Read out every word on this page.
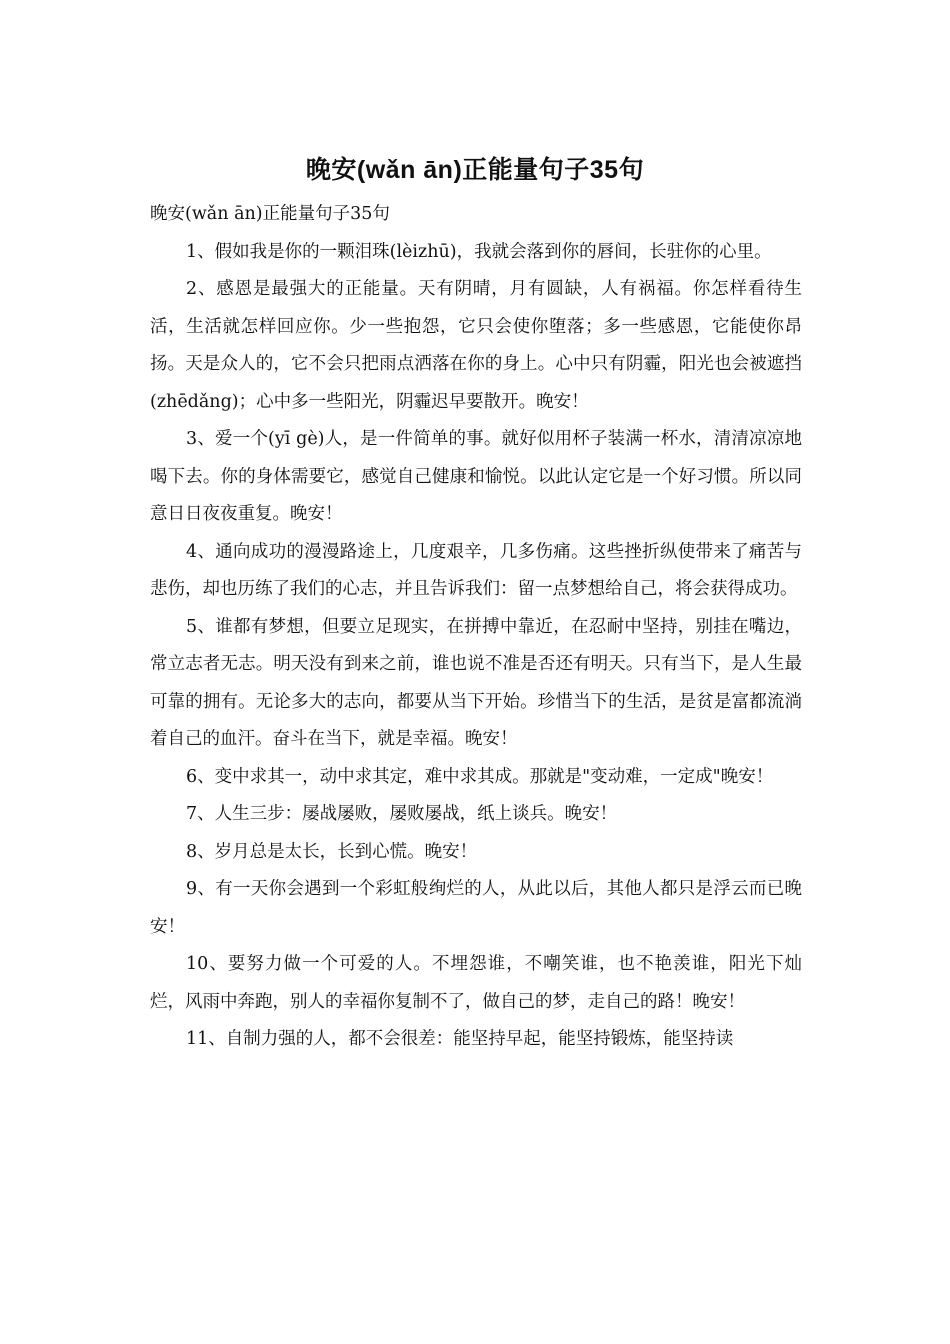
晚安(wǎn ān)正能量句子35句

晚安(wǎn ān)正能量句子35句

1、假如我是你的一颗泪珠(lèizhū)，我就会落到你的唇间，长驻你的心里。

2、感恩是最强大的正能量。天有阴晴，月有圆缺，人有祸福。你怎样看待生活，生活就怎样回应你。少一些抱怨，它只会使你堕落；多一些感恩，它能使你昂扬。天是众人的，它不会只把雨点洒落在你的身上。心中只有阴霾，阳光也会被遮挡(zhēdǎng)；心中多一些阳光，阴霾迟早要散开。晚安！

3、爱一个(yī gè)人，是一件简单的事。就好似用杯子装满一杯水，清清凉凉地喝下去。你的身体需要它，感觉自己健康和愉悦。以此认定它是一个好习惯。所以同意日日夜夜重复。晚安！

4、通向成功的漫漫路途上，几度艰辛，几多伤痛。这些挫折纵使带来了痛苦与悲伤，却也历练了我们的心志，并且告诉我们：留一点梦想给自己，将会获得成功。

5、谁都有梦想，但要立足现实，在拼搏中靠近，在忍耐中坚持，别挂在嘴边，常立志者无志。明天没有到来之前，谁也说不准是否还有明天。只有当下，是人生最可靠的拥有。无论多大的志向，都要从当下开始。珍惜当下的生活，是贫是富都流淌着自己的血汗。奋斗在当下，就是幸福。晚安！

6、变中求其一，动中求其定，难中求其成。那就是"变动难，一定成"晚安！

7、人生三步：屡战屡败，屡败屡战，纸上谈兵。晚安！

8、岁月总是太长，长到心慌。晚安！

9、有一天你会遇到一个彩虹般绚烂的人，从此以后，其他人都只是浮云而已晚安！

10、要努力做一个可爱的人。不埋怨谁，不嘲笑谁，也不艳羡谁，阳光下灿烂，风雨中奔跑，别人的幸福你复制不了，做自己的梦，走自己的路！晚安！

11、自制力强的人，都不会很差：能坚持早起，能坚持锻炼，能坚持读
